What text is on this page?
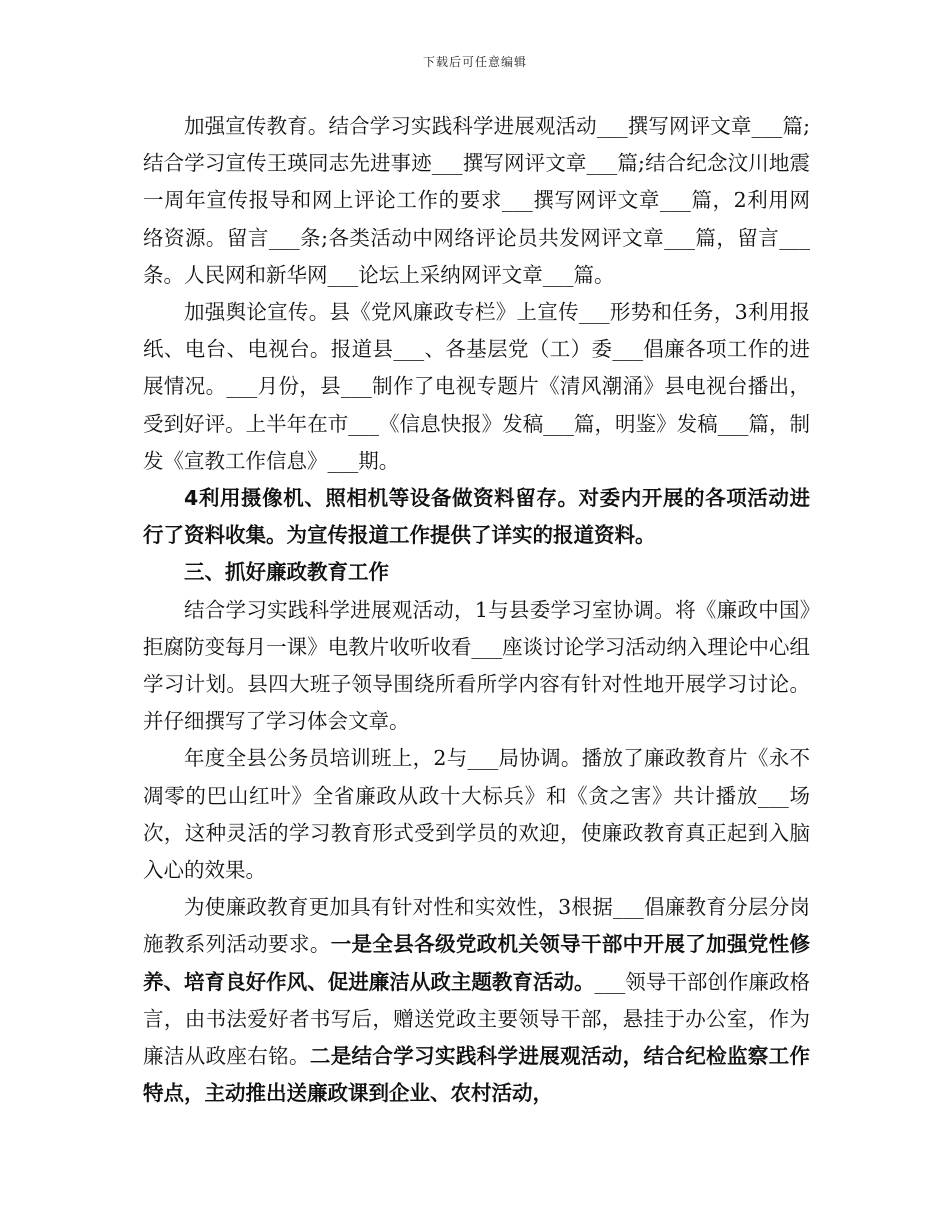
下载后可任意编辑

加强宣传教育。结合学习实践科学进展观活动___撰写网评文章___篇;结合学习宣传王瑛同志先进事迹___撰写网评文章___篇;结合纪念汶川地震一周年宣传报导和网上评论工作的要求___撰写网评文章___篇，2利用网络资源。留言___条;各类活动中网络评论员共发网评文章___篇，留言___条。人民网和新华网___论坛上采纳网评文章___篇。

加强舆论宣传。县《党风廉政专栏》上宣传___形势和任务，3利用报纸、电台、电视台。报道县___、各基层党（工）委___倡廉各项工作的进展情况。___月份，县___制作了电视专题片《清风潮涌》县电视台播出，受到好评。上半年在市___《信息快报》发稿___篇，明鉴》发稿___篇，制发《宣教工作信息》___期。

4利用摄像机、照相机等设备做资料留存。对委内开展的各项活动进行了资料收集。为宣传报道工作提供了详实的报道资料。

三、抓好廉政教育工作

结合学习实践科学进展观活动，1与县委学习室协调。将《廉政中国》拒腐防变每月一课》电教片收听收看___座谈讨论学习活动纳入理论中心组学习计划。县四大班子领导围绕所看所学内容有针对性地开展学习讨论。并仔细撰写了学习体会文章。

年度全县公务员培训班上，2与___局协调。播放了廉政教育片《永不凋零的巴山红叶》全省廉政从政十大标兵》和《贪之害》共计播放___场次，这种灵活的学习教育形式受到学员的欢迎，使廉政教育真正起到入脑入心的效果。

为使廉政教育更加具有针对性和实效性，3根据___倡廉教育分层分岗施教系列活动要求。一是全县各级党政机关领导干部中开展了加强党性修养、培育良好作风、促进廉洁从政主题教育活动。___领导干部创作廉政格言，由书法爱好者书写后，赠送党政主要领导干部，悬挂于办公室，作为廉洁从政座右铭。二是结合学习实践科学进展观活动，结合纪检监察工作特点，主动推出送廉政课到企业、农村活动，
